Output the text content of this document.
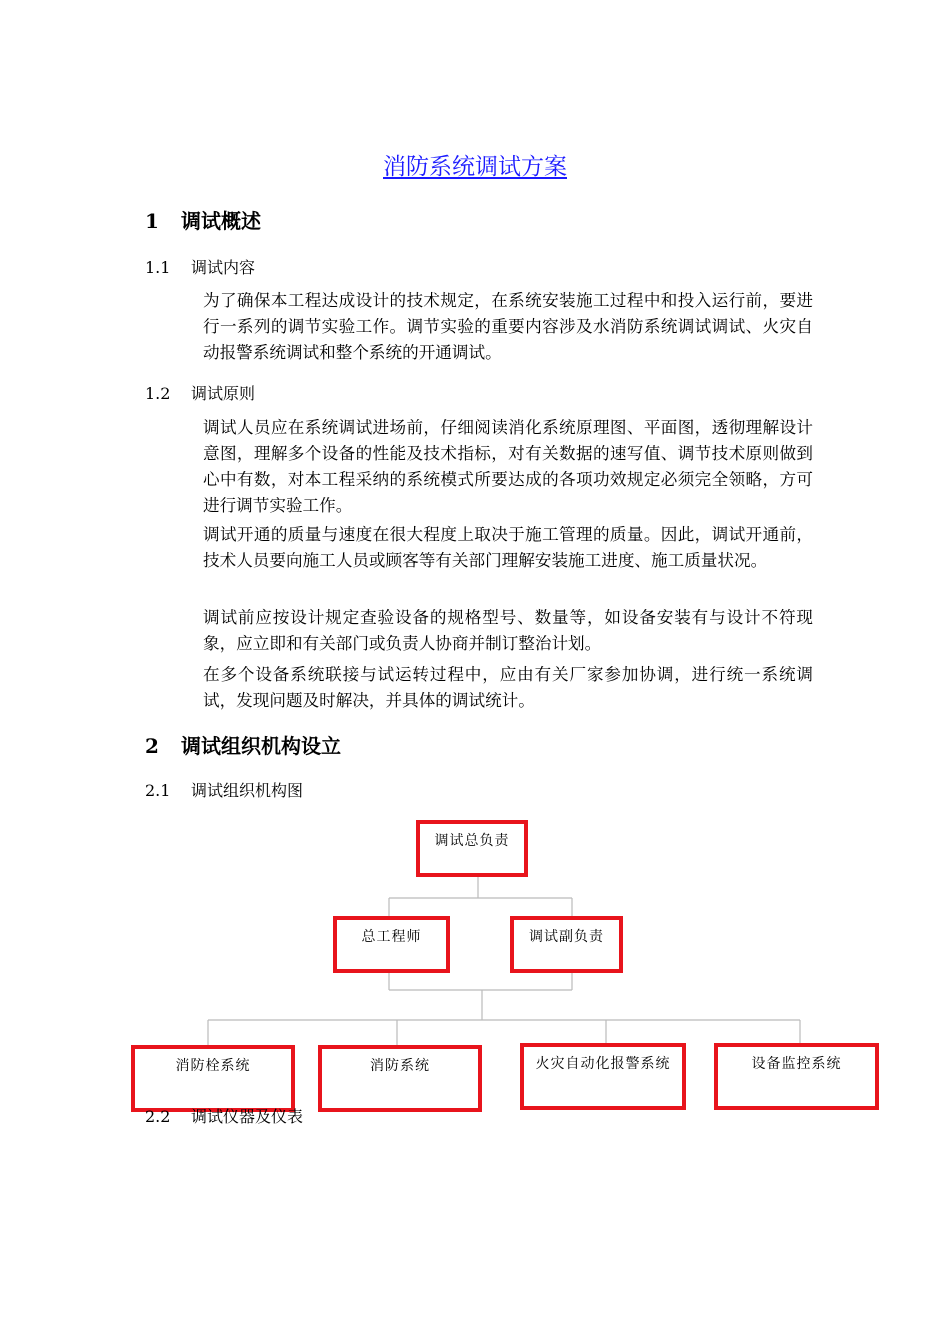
消防系统调试方案
1 调试概述
1.1 调试内容

为了确保本工程达成设计的技术规定，在系统安装施工过程中和投入运行前，要进行一系列的调节实验工作。调节实验的重要内容涉及水消防系统调试调试、火灾自动报警系统调试和整个系统的开通调试。

1.2 调试原则

调试人员应在系统调试进场前，仔细阅读消化系统原理图、平面图，透彻理解设计意图，理解多个设备的性能及技术指标，对有关数据的速写值、调节技术原则做到心中有数，对本工程采纳的系统模式所要达成的各项功效规定必须完全领略，方可进行调节实验工作。

调试开通的质量与速度在很大程度上取决于施工管理的质量。因此，调试开通前，技术人员要向施工人员或顾客等有关部门理解安装施工进度、施工质量状况。

调试前应按设计规定查验设备的规格型号、数量等，如设备安装有与设计不符现象，应立即和有关部门或负责人协商并制订整治计划。

在多个设备系统联接与试运转过程中，应由有关厂家参加协调，进行统一系统调试，发现问题及时解决，并具体的调试统计。

2 调试组织机构设立
2.1 调试组织机构图
调试总负责
总工程师	调试副负责
消防栓系统	消防系统	火灾自动化报警系统	设备监控系统
2.2 调试仪器及仪表
